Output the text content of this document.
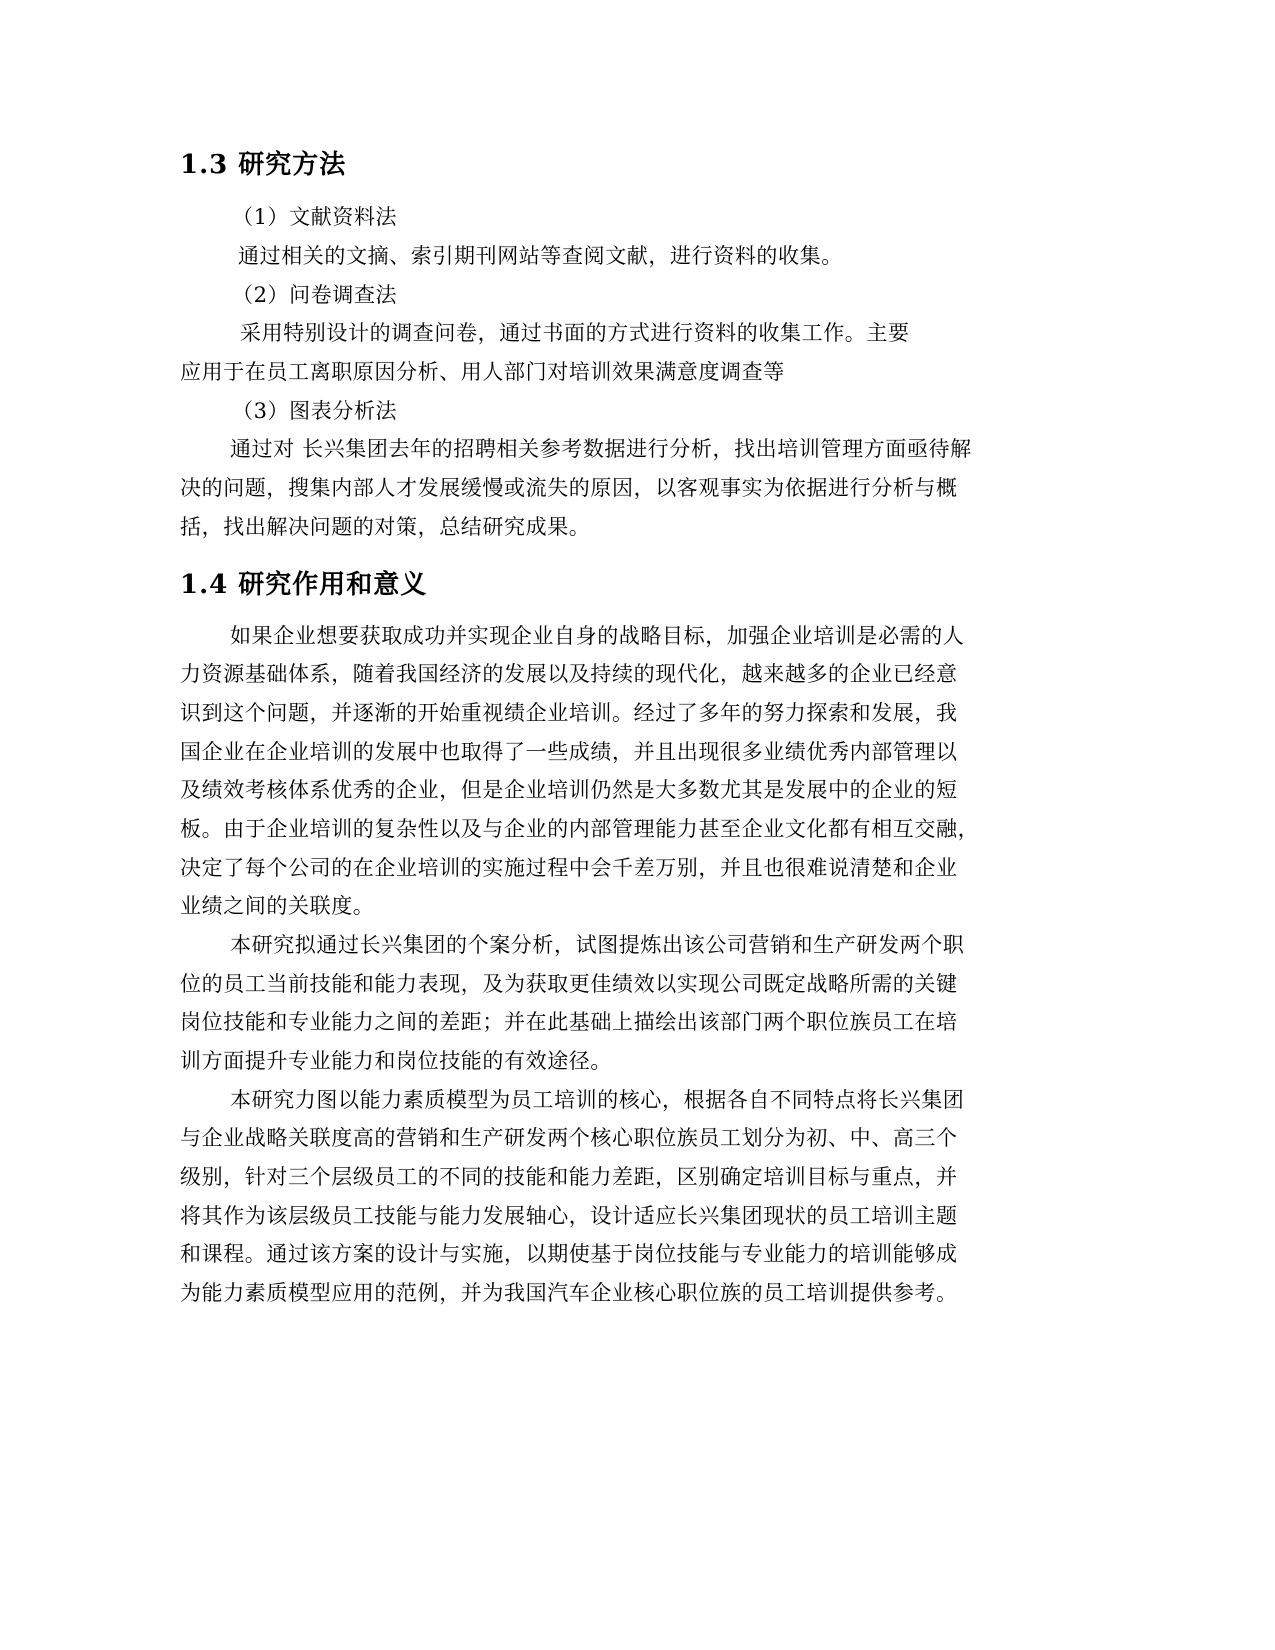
1.3 研究方法
（1）文献资料法
通过相关的文摘、索引期刊网站等查阅文献，进行资料的收集。
（2）问卷调查法
采用特别设计的调查问卷，通过书面的方式进行资料的收集工作。主要
应用于在员工离职原因分析、用人部门对培训效果满意度调查等
（3）图表分析法
通过对 长兴集团去年的招聘相关参考数据进行分析，找出培训管理方面亟待解
决的问题，搜集内部人才发展缓慢或流失的原因，以客观事实为依据进行分析与概
括，找出解决问题的对策，总结研究成果。
1.4 研究作用和意义
如果企业想要获取成功并实现企业自身的战略目标，加强企业培训是必需的人
力资源基础体系，随着我国经济的发展以及持续的现代化，越来越多的企业已经意
识到这个问题，并逐渐的开始重视绩企业培训。经过了多年的努力探索和发展，我
国企业在企业培训的发展中也取得了一些成绩，并且出现很多业绩优秀内部管理以
及绩效考核体系优秀的企业，但是企业培训仍然是大多数尤其是发展中的企业的短
板。由于企业培训的复杂性以及与企业的内部管理能力甚至企业文化都有相互交融，
决定了每个公司的在企业培训的实施过程中会千差万别，并且也很难说清楚和企业
业绩之间的关联度。
本研究拟通过长兴集团的个案分析，试图提炼出该公司营销和生产研发两个职
位的员工当前技能和能力表现，及为获取更佳绩效以实现公司既定战略所需的关键
岗位技能和专业能力之间的差距；并在此基础上描绘出该部门两个职位族员工在培
训方面提升专业能力和岗位技能的有效途径。
本研究力图以能力素质模型为员工培训的核心，根据各自不同特点将长兴集团
与企业战略关联度高的营销和生产研发两个核心职位族员工划分为初、中、高三个
级别，针对三个层级员工的不同的技能和能力差距，区别确定培训目标与重点，并
将其作为该层级员工技能与能力发展轴心，设计适应长兴集团现状的员工培训主题
和课程。通过该方案的设计与实施，以期使基于岗位技能与专业能力的培训能够成
为能力素质模型应用的范例，并为我国汽车企业核心职位族的员工培训提供参考。
